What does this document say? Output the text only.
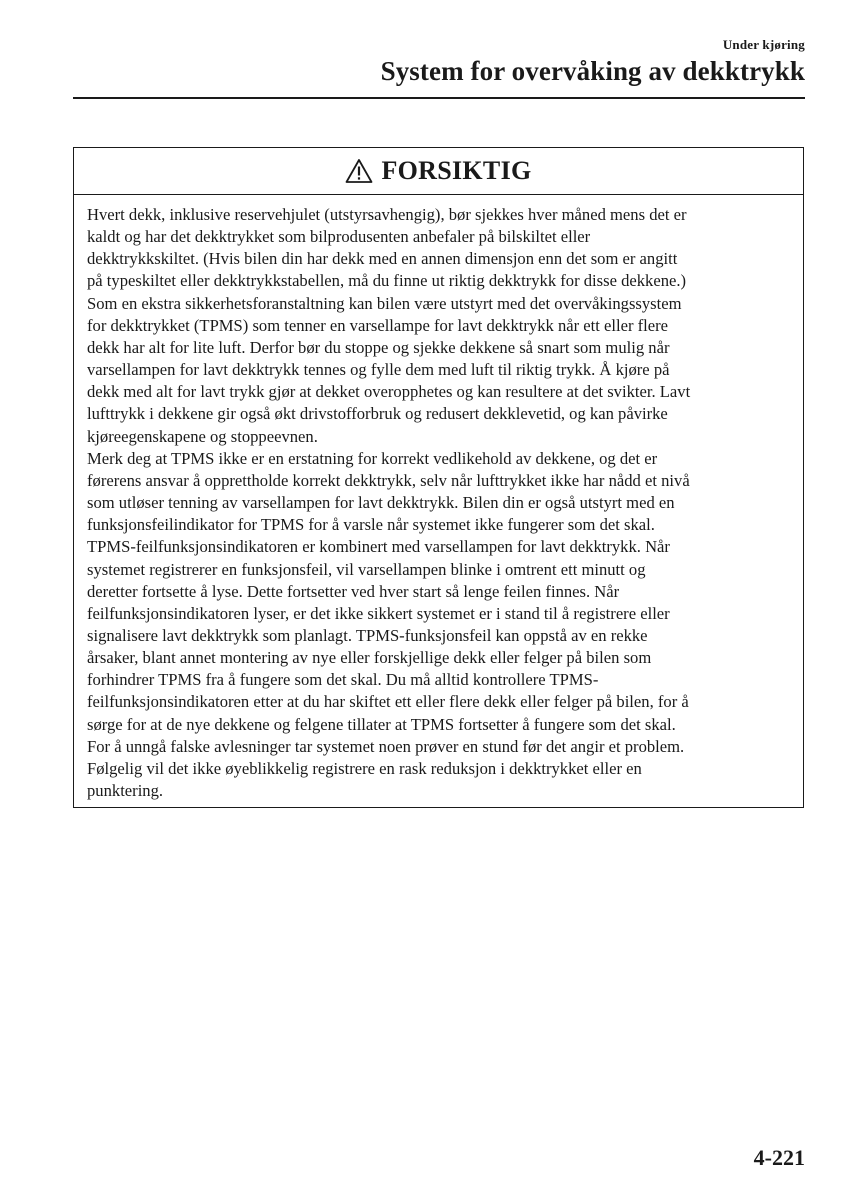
Under kjøring
System for overvåking av dekktrykk
FORSIKTIG
Hvert dekk, inklusive reservehjulet (utstyrsavhengig), bør sjekkes hver måned mens det er
kaldt og har det dekktrykket som bilprodusenten anbefaler på bilskiltet eller
dekktrykkskiltet. (Hvis bilen din har dekk med en annen dimensjon enn det som er angitt
på typeskiltet eller dekktrykkstabellen, må du finne ut riktig dekktrykk for disse dekkene.)
Som en ekstra sikkerhetsforanstaltning kan bilen være utstyrt med det overvåkingssystem
for dekktrykket (TPMS) som tenner en varsellampe for lavt dekktrykk når ett eller flere
dekk har alt for lite luft. Derfor bør du stoppe og sjekke dekkene så snart som mulig når
varsellampen for lavt dekktrykk tennes og fylle dem med luft til riktig trykk. Å kjøre på
dekk med alt for lavt trykk gjør at dekket overopphetes og kan resultere at det svikter. Lavt
lufttrykk i dekkene gir også økt drivstofforbruk og redusert dekklevetid, og kan påvirke
kjøreegenskapene og stoppeevnen.
Merk deg at TPMS ikke er en erstatning for korrekt vedlikehold av dekkene, og det er
førerens ansvar å opprettholde korrekt dekktrykk, selv når lufttrykket ikke har nådd et nivå
som utløser tenning av varsellampen for lavt dekktrykk. Bilen din er også utstyrt med en
funksjonsfeilindikator for TPMS for å varsle når systemet ikke fungerer som det skal.
TPMS-feilfunksjonsindikatoren er kombinert med varsellampen for lavt dekktrykk. Når
systemet registrerer en funksjonsfeil, vil varsellampen blinke i omtrent ett minutt og
deretter fortsette å lyse. Dette fortsetter ved hver start så lenge feilen finnes. Når
feilfunksjonsindikatoren lyser, er det ikke sikkert systemet er i stand til å registrere eller
signalisere lavt dekktrykk som planlagt. TPMS-funksjonsfeil kan oppstå av en rekke
årsaker, blant annet montering av nye eller forskjellige dekk eller felger på bilen som
forhindrer TPMS fra å fungere som det skal. Du må alltid kontrollere TPMS-
feilfunksjonsindikatoren etter at du har skiftet ett eller flere dekk eller felger på bilen, for å
sørge for at de nye dekkene og felgene tillater at TPMS fortsetter å fungere som det skal.
For å unngå falske avlesninger tar systemet noen prøver en stund før det angir et problem.
Følgelig vil det ikke øyeblikkelig registrere en rask reduksjon i dekktrykket eller en
punktering.
4-221
